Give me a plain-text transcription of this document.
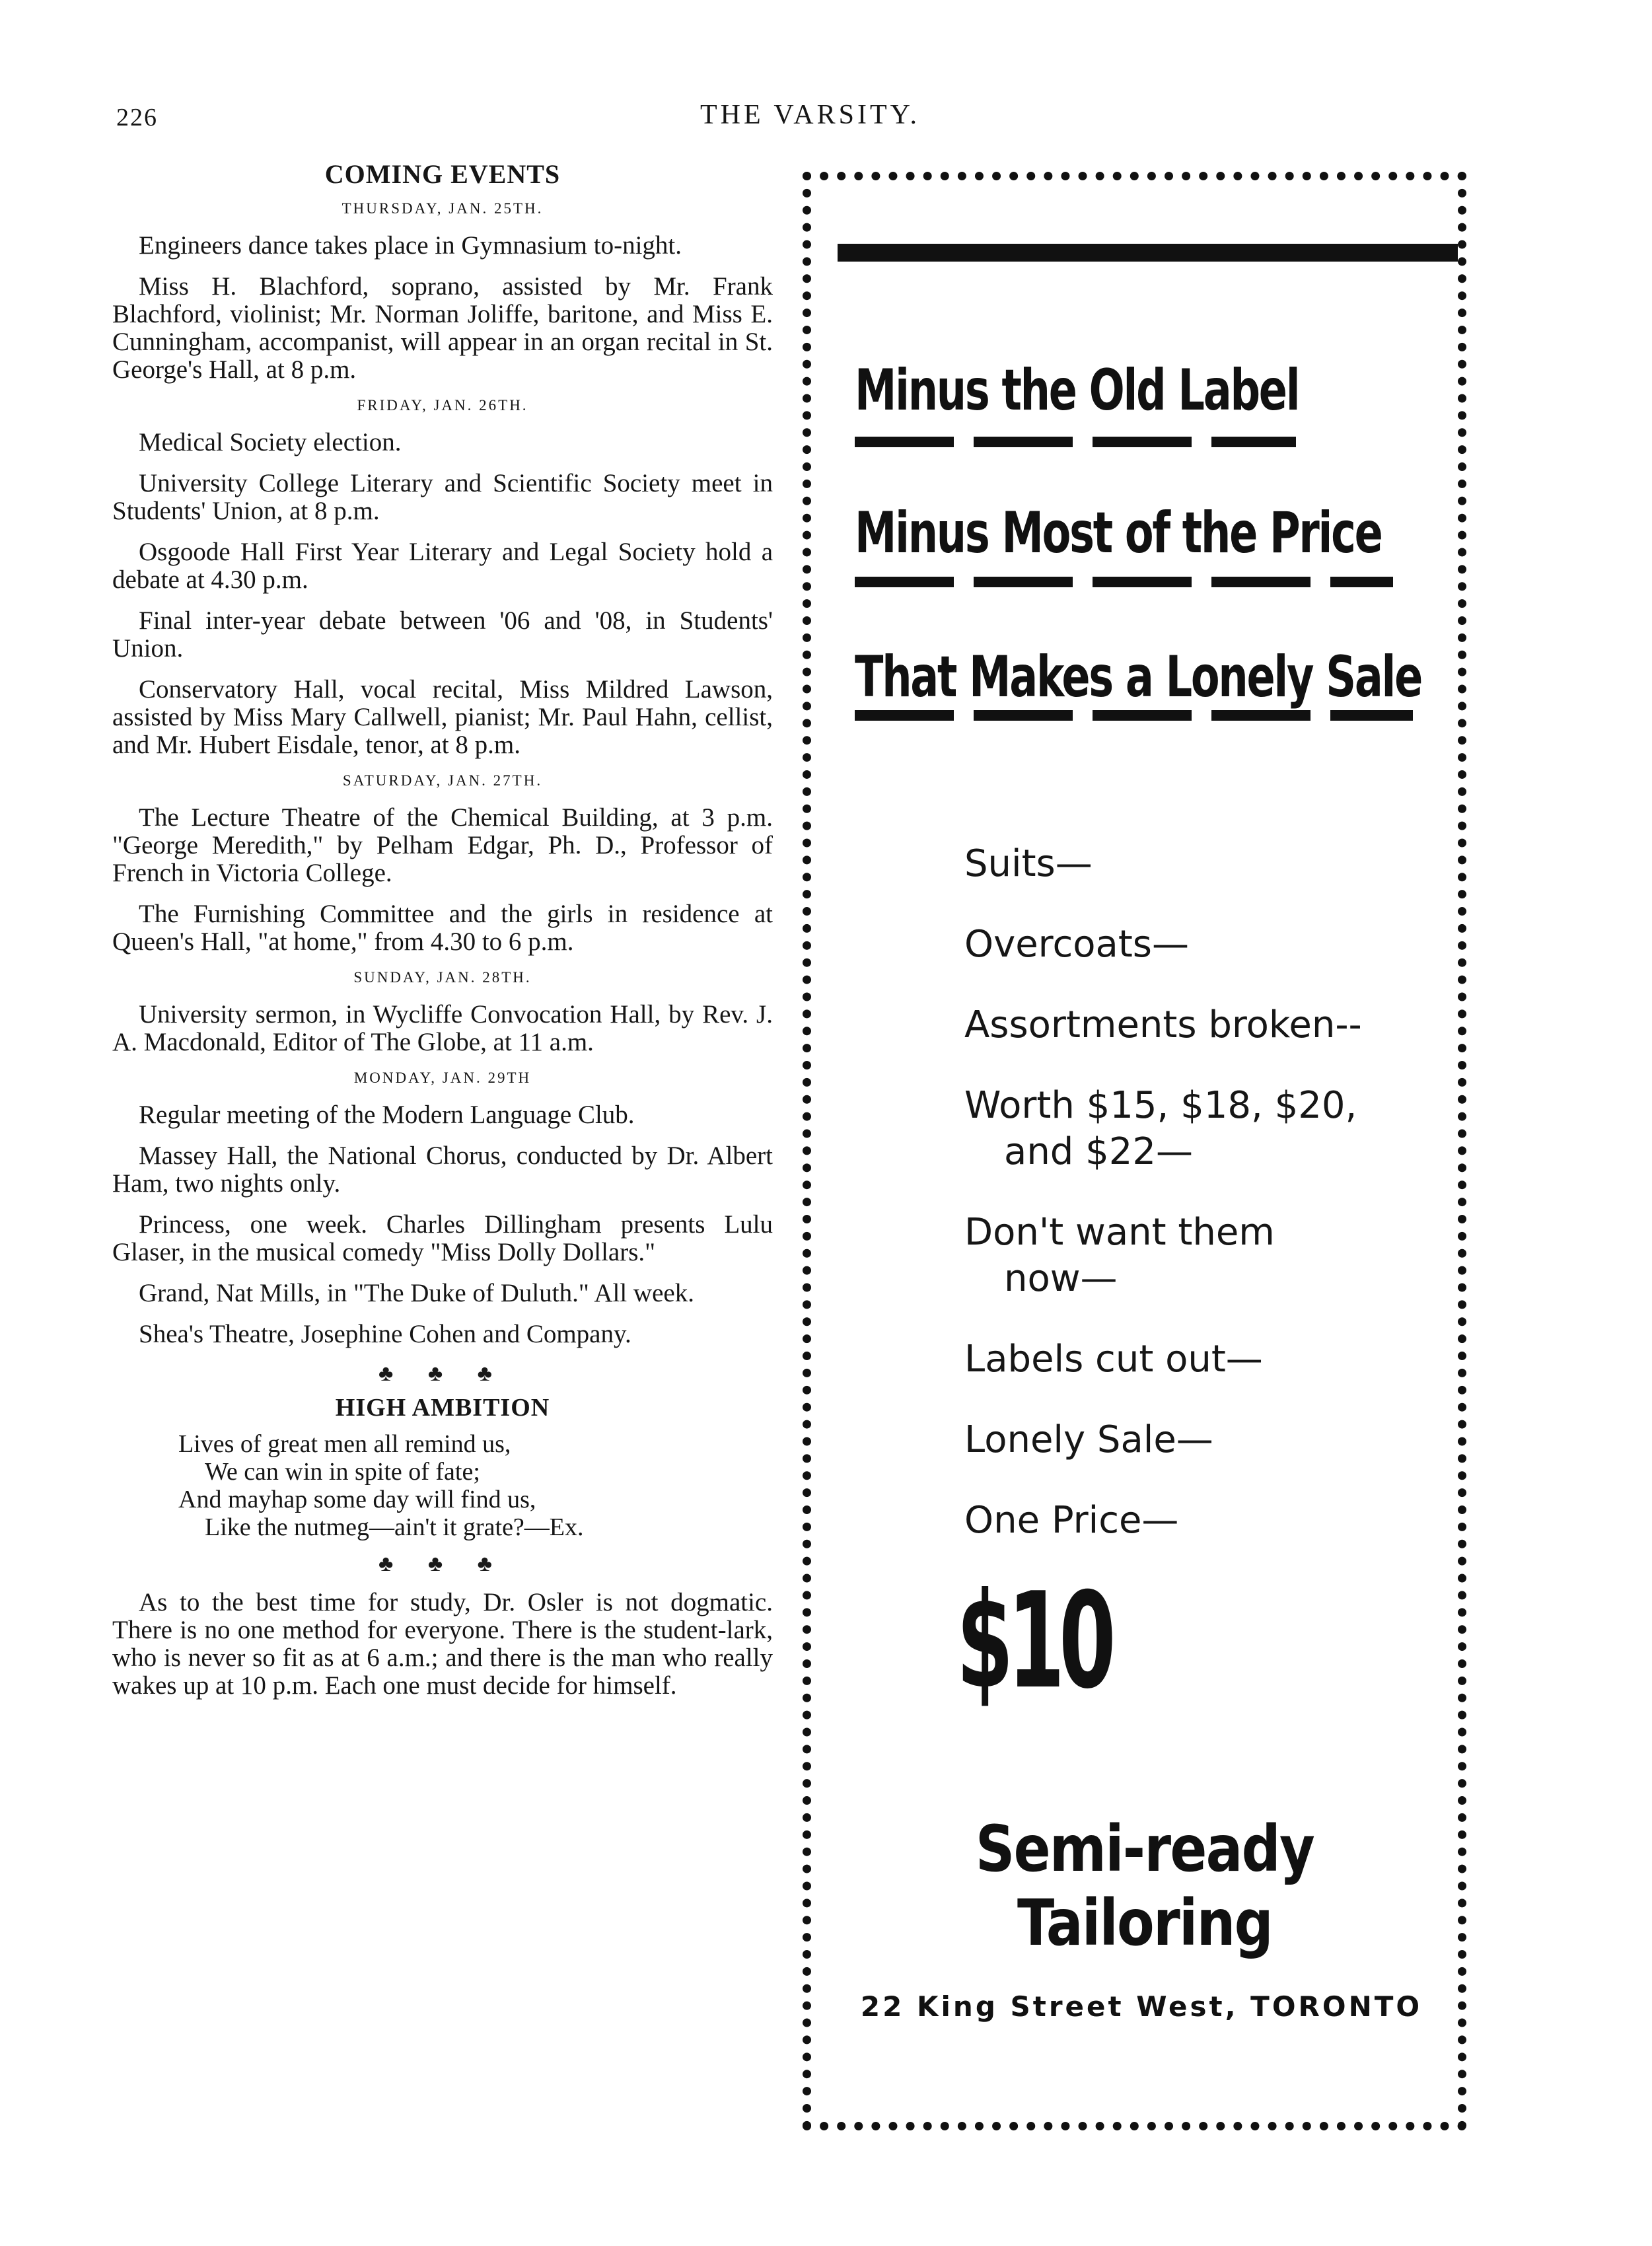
226	THE VARSITY.
COMING EVENTS
THURSDAY, JAN. 25TH.

Engineers dance takes place in Gymnasium to-night.

Miss H. Blachford, soprano, assisted by Mr. Frank Blachford, violinist; Mr. Norman Joliffe, baritone, and Miss E. Cunningham, accompanist, will appear in an organ recital in St. George's Hall, at 8 p.m.

FRIDAY, JAN. 26TH.

Medical Society election.

University College Literary and Scientific Society meet in Students' Union, at 8 p.m.

Osgoode Hall First Year Literary and Legal Society hold a debate at 4.30 p.m.

Final inter-year debate between '06 and '08, in Students' Union.

Conservatory Hall, vocal recital, Miss Mildred Lawson, assisted by Miss Mary Callwell, pianist; Mr. Paul Hahn, cellist, and Mr. Hubert Eisdale, tenor, at 8 p.m.

SATURDAY, JAN. 27TH.

The Lecture Theatre of the Chemical Building, at 3 p.m. "George Meredith," by Pelham Edgar, Ph. D., Professor of French in Victoria College.

The Furnishing Committee and the girls in residence at Queen's Hall, "at home," from 4.30 to 6 p.m.

SUNDAY, JAN. 28TH.

University sermon, in Wycliffe Convocation Hall, by Rev. J. A. Macdonald, Editor of The Globe, at 11 a.m.

MONDAY, JAN. 29TH

Regular meeting of the Modern Language Club.

Massey Hall, the National Chorus, conducted by Dr. Albert Ham, two nights only.

Princess, one week. Charles Dillingham presents Lulu Glaser, in the musical comedy "Miss Dolly Dollars."

Grand, Nat Mills, in "The Duke of Duluth." All week.

Shea's Theatre, Josephine Cohen and Company.

♣ ♣ ♣
HIGH AMBITION
Lives of great men all remind us,
We can win in spite of fate;
And mayhap some day will find us,
Like the nutmeg—ain't it grate?—Ex.
♣ ♣ ♣

As to the best time for study, Dr. Osler is not dogmatic. There is no one method for everyone. There is the student-lark, who is never so fit as at 6 a.m.; and there is the man who really wakes up at 10 p.m. Each one must decide for himself.

Minus the Old Label
Minus Most of the Price
That Makes a Lonely Sale
Suits—
Overcoats—
Assortments broken--
Worth $15, $18, $20,
and $22—
Don't want them
now—
Labels cut out—
Lonely Sale—
One Price—
$10
Semi-ready
Tailoring
22 King Street West, TORONTO
